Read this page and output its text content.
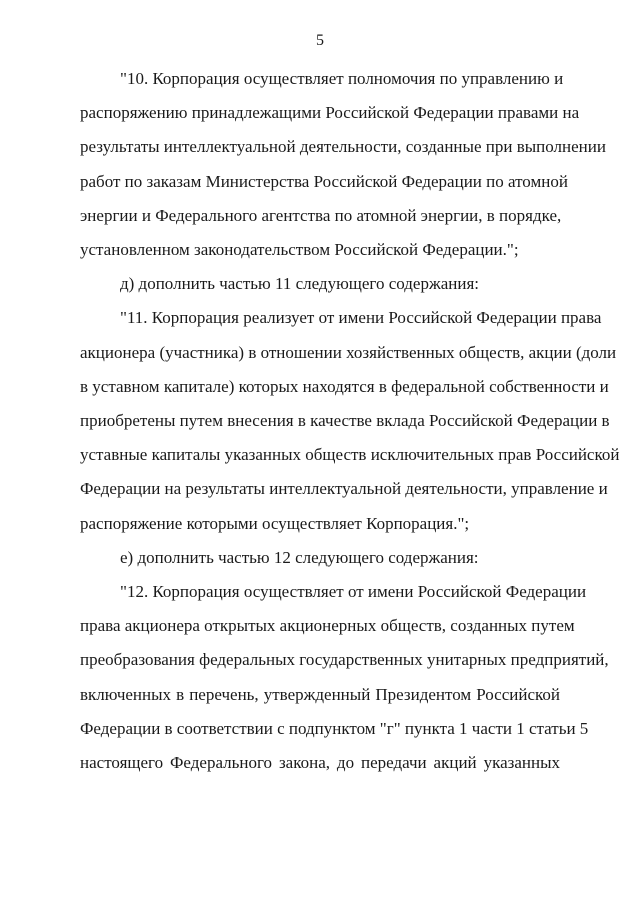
5
"10. Корпорация осуществляет полномочия по управлению и
распоряжению принадлежащими Российской Федерации правами на
результаты интеллектуальной деятельности, созданные при выполнении
работ по заказам Министерства Российской Федерации по атомной
энергии и Федерального агентства по атомной энергии, в порядке,
установленном законодательством Российской Федерации.";
д) дополнить частью 11 следующего содержания:
"11. Корпорация реализует от имени Российской Федерации права
акционера (участника) в отношении хозяйственных обществ, акции (доли
в уставном капитале) которых находятся в федеральной собственности и
приобретены путем внесения в качестве вклада Российской Федерации в
уставные капиталы указанных обществ исключительных прав Российской
Федерации на результаты интеллектуальной деятельности, управление и
распоряжение которыми осуществляет Корпорация.";
е) дополнить частью 12 следующего содержания:
"12. Корпорация осуществляет от имени Российской Федерации
права акционера открытых акционерных обществ, созданных путем
преобразования федеральных государственных унитарных предприятий,
включенных в перечень, утвержденный Президентом Российской
Федерации в соответствии с подпунктом "г" пункта 1 части 1 статьи 5
настоящего Федерального закона, до передачи акций указанных
